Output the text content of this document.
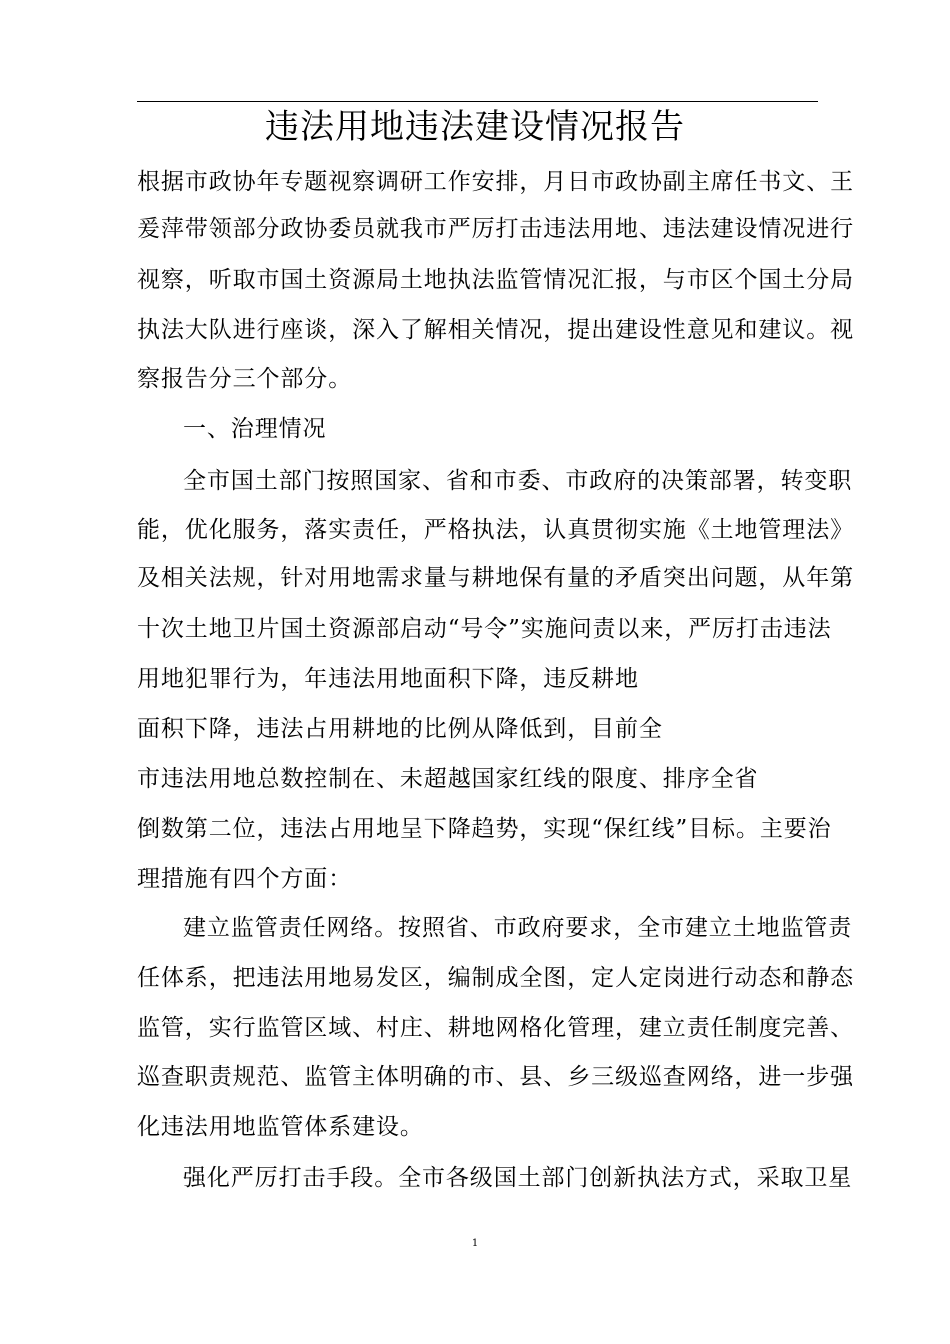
违法用地违法建设情况报告
根据市政协年专题视察调研工作安排，月日市政协副主席任书文、王
爰萍带领部分政协委员就我市严厉打击违法用地、违法建设情况进行
视察，听取市国土资源局土地执法监管情况汇报，与市区个国土分局
执法大队进行座谈，深入了解相关情况，提出建设性意见和建议。视
察报告分三个部分。
一、治理情况
全市国土部门按照国家、省和市委、市政府的决策部署，转变职
能，优化服务，落实责任，严格执法，认真贯彻实施《土地管理法》
及相关法规，针对用地需求量与耕地保有量的矛盾突出问题，从年第
十次土地卫片国土资源部启动“号令”实施问责以来，严厉打击违法
用地犯罪行为，年违法用地面积下降，违反耕地
面积下降，违法占用耕地的比例从降低到，目前全
市违法用地总数控制在、未超越国家红线的限度、排序全省
倒数第二位，违法占用地呈下降趋势，实现“保红线”目标。主要治
理措施有四个方面：
建立监管责任网络。按照省、市政府要求，全市建立土地监管责
任体系，把违法用地易发区，编制成全图，定人定岗进行动态和静态
监管，实行监管区域、村庄、耕地网格化管理，建立责任制度完善、
巡查职责规范、监管主体明确的市、县、乡三级巡查网络，进一步强
化违法用地监管体系建设。
强化严厉打击手段。全市各级国土部门创新执法方式，采取卫星
1
